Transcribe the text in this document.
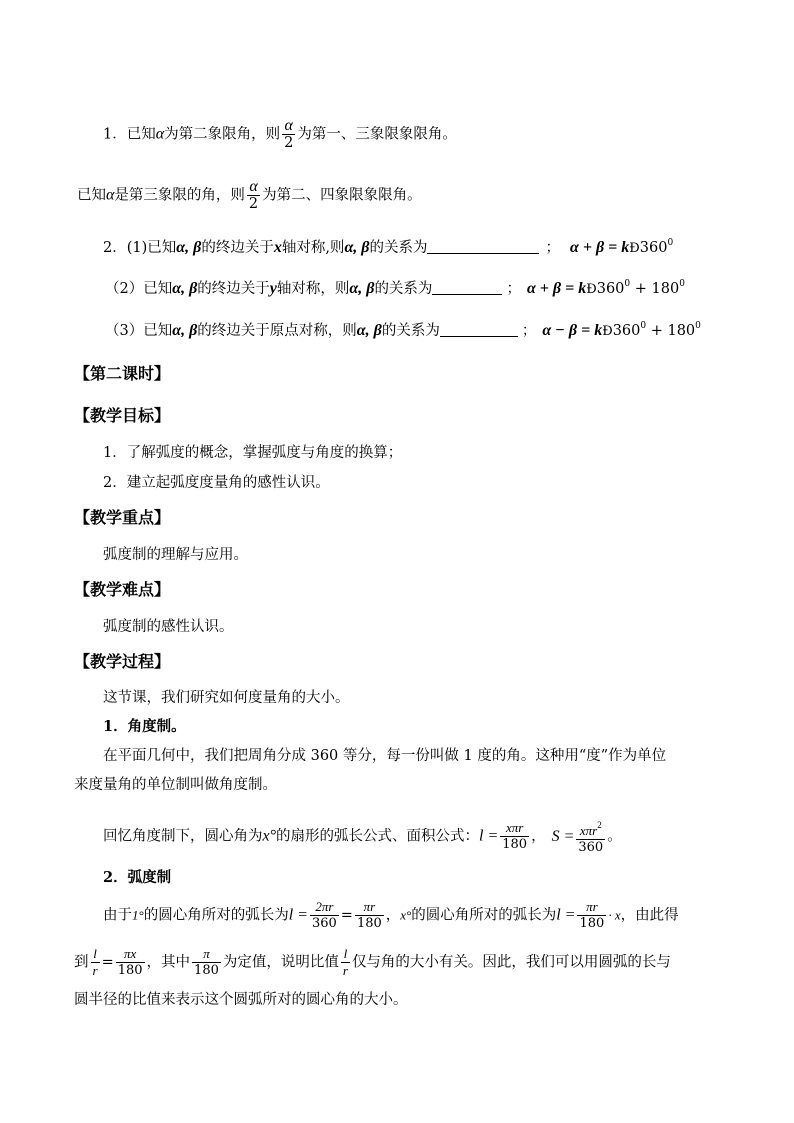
1．已知α为第二象限角，则 $\frac{\alpha}{2}$ 为第一、三象限象限角。
已知α是第三象限的角，则 $\frac{\alpha}{2}$ 为第二、四象限象限角。
2．(1)已知α, β的终边关于x轴对称,则α, β的关系为	； $\alpha + \beta = kÐ360^0$
（2）已知α, β的终边关于y轴对称，则α, β的关系为	； $\alpha + \beta = kÐ360^0 + 180^0$
（3）已知α, β的终边关于原点对称，则α, β的关系为	； $\alpha - \beta = kÐ360^0 + 180^0$
【第二课时】
【教学目标】
1．了解弧度的概念，掌握弧度与角度的换算；
2．建立起弧度度量角的感性认识。
【教学重点】
弧度制的理解与应用。
【教学难点】
弧度制的感性认识。
【教学过程】
这节课，我们研究如何度量角的大小。
1．角度制。
在平面几何中，我们把周角分成 360 等分，每一份叫做 1 度的角。这种用“度”作为单位
来度量角的单位制叫做角度制。
回忆角度制下，圆心角为x°的扇形的弧长公式、面积公式：$l = \frac{\text{xπr}}{180}$ ， $S = \frac{x\pi r^2}{360}$ 。
2．弧度制
由于1°的圆心角所对的弧长为$l = \frac{2\pi r}{360} = \frac{\pi r}{180}$ ，x°的圆心角所对的弧长为$l = \frac{\pi r}{180} \cdot x$，由此得
到 $\frac{l}{r} = \frac{\pi x}{180}$ ，其中 $\frac{\pi}{180}$ 为定值，说明比值 $\frac{l}{r}$ 仅与角的大小有关。因此，我们可以用圆弧的长与
圆半径的比值来表示这个圆弧所对的圆心角的大小。
